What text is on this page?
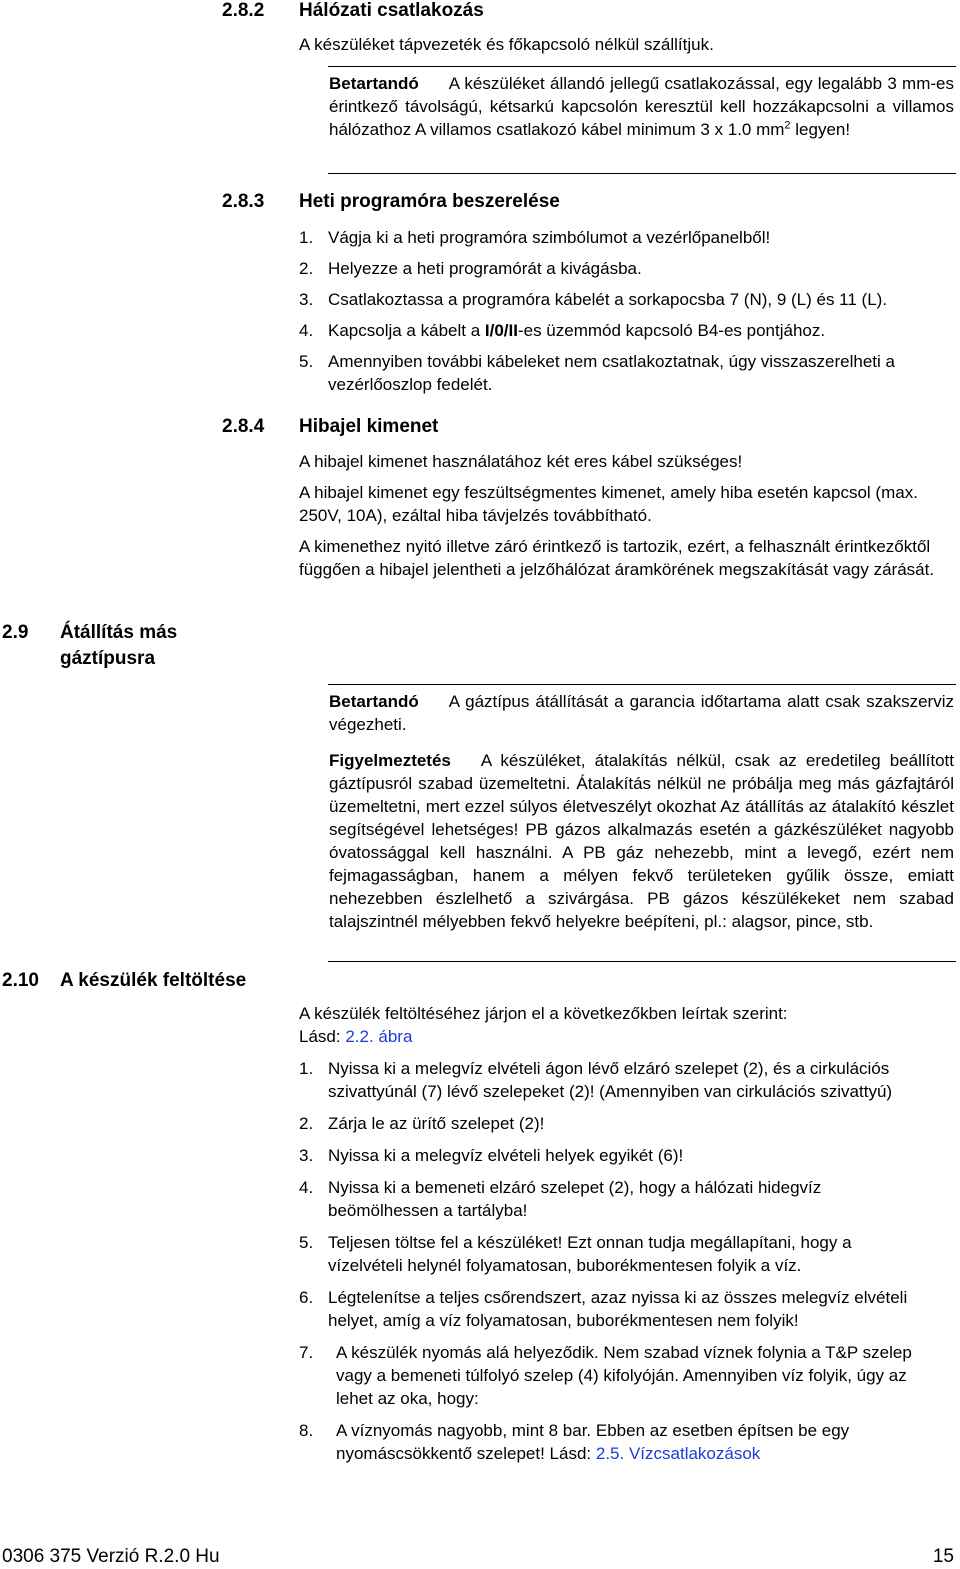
2.8.2 Hálózati csatlakozás
A készüléket tápvezeték és főkapcsoló nélkül szállítjuk.
Betartandó A készüléket állandó jellegű csatlakozással, egy legalább 3 mm-es érintkező távolságú, kétsarkú kapcsolón keresztül kell hozzákapcsolni a villamos hálózathoz A villamos csatlakozó kábel minimum 3 x 1.0 $mm^2$ legyen!
2.8.3 Heti programóra beszerelése
1. Vágja ki a heti programóra szimbólumot a vezérlőpanelből!
2. Helyezze a heti programórát a kivágásba.
3. Csatlakoztassa a programóra kábelét a sorkapocsba 7 (N), 9 (L) és 11 (L).
4. Kapcsolja a kábelt a I/0/II-es üzemmód kapcsoló B4-es pontjához.
5. Amennyiben további kábeleket nem csatlakoztatnak, úgy visszaszerelheti a vezérlőoszlop fedelét.
2.8.4 Hibajel kimenet
A hibajel kimenet használatához két eres kábel szükséges!
A hibajel kimenet egy feszültségmentes kimenet, amely hiba esetén kapcsol (max. 250V, 10A), ezáltal hiba távjelzés továbbítható.
A kimenethez nyitó illetve záró érintkező is tartozik, ezért, a felhasznált érintkezőktől függően a hibajel jelentheti a jelzőhálózat áramkörének megszakítását vagy zárását.
2.9 Átállítás más gáztípusra
Betartandó A gáztípus átállítását a garancia időtartama alatt csak szakszerviz végezheti.
Figyelmeztetés A készüléket, átalakítás nélkül, csak az eredetileg beállított gáztípusról szabad üzemeltetni. Átalakítás nélkül ne próbálja meg más gázfajtáról üzemeltetni, mert ezzel súlyos életveszélyt okozhat Az átállítás az átalakító készlet segítségével lehetséges! PB gázos alkalmazás esetén a gázkészüléket nagyobb óvatossággal kell használni. A PB gáz nehezebb, mint a levegő, ezért nem fejmagasságban, hanem a mélyen fekvő területeken gyűlik össze, emiatt nehezebben észlelhető a szivárgása. PB gázos készülékeket nem szabad talajszintnél mélyebben fekvő helyekre beépíteni, pl.: alagsor, pince, stb.
2.10 A készülék feltöltése
A készülék feltöltéséhez járjon el a következőkben leírtak szerint:
Lásd: 2.2. ábra
1. Nyissa ki a melegvíz elvételi ágon lévő elzáró szelepet (2), és a cirkulációs szivattyúnál (7) lévő szelepeket (2)! (Amennyiben van cirkulációs szivattyú)
2. Zárja le az ürítő szelepet (2)!
3. Nyissa ki a melegvíz elvételi helyek egyikét (6)!
4. Nyissa ki a bemeneti elzáró szelepet (2), hogy a hálózati hidegvíz beömölhessen a tartályba!
5. Teljesen töltse fel a készüléket! Ezt onnan tudja megállapítani, hogy a vízelvételi helynél folyamatosan, buborékmentesen folyik a víz.
6. Légtelenítse a teljes csőrendszert, azaz nyissa ki az összes melegvíz elvételi helyet, amíg a víz folyamatosan, buborékmentesen nem folyik!
7. A készülék nyomás alá helyeződik. Nem szabad víznek folynia a T&P szelep vagy a bemeneti túlfolyó szelep (4) kifolyóján. Amennyiben víz folyik, úgy az lehet az oka, hogy:
8. A víznyomás nagyobb, mint 8 bar. Ebben az esetben építsen be egy nyomáscsökkentő szelepet! Lásd: 2.5. Vízcsatlakozások
0306 375 Verzió R.2.0 Hu	15
